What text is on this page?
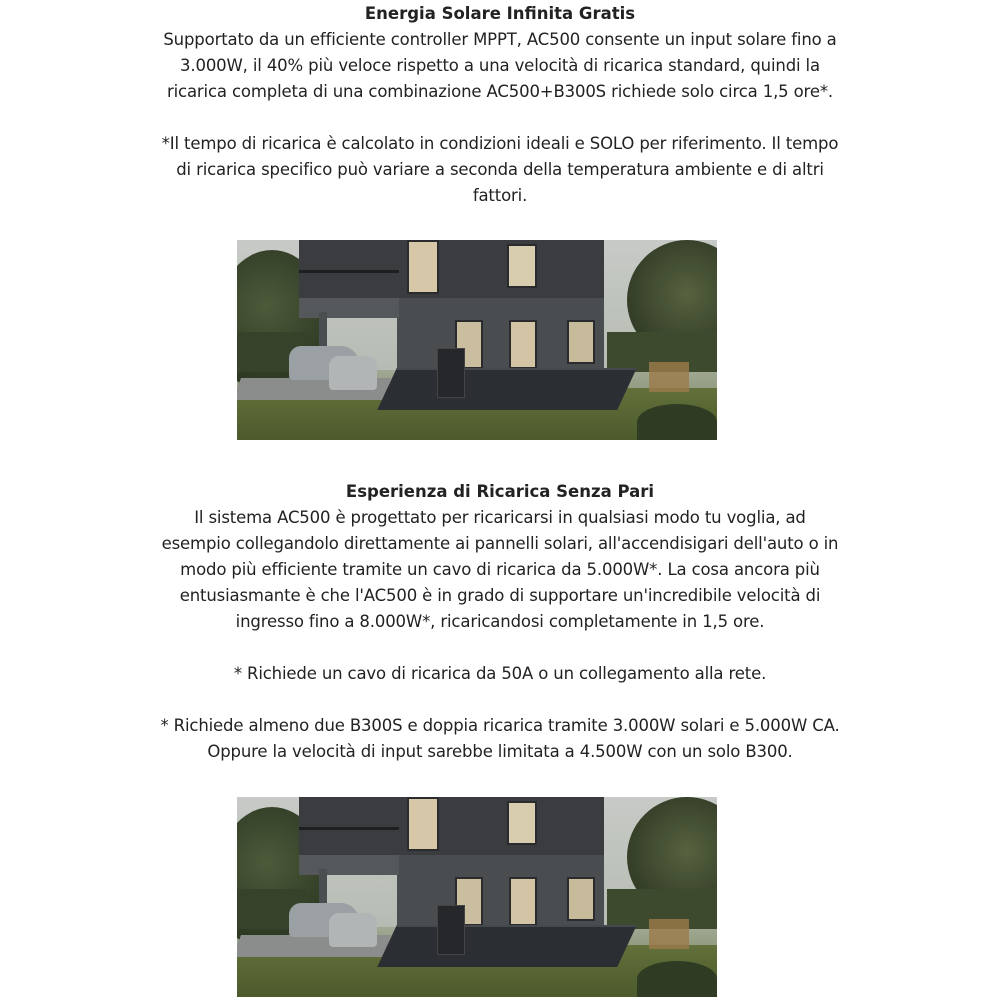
Energia Solare Infinita Gratis
Supportato da un efficiente controller MPPT, AC500 consente un input solare fino a
3.000W, il 40% più veloce rispetto a una velocità di ricarica standard, quindi la
ricarica completa di una combinazione AC500+B300S richiede solo circa 1,5 ore*.
*Il tempo di ricarica è calcolato in condizioni ideali e SOLO per riferimento. Il tempo
di ricarica specifico può variare a seconda della temperatura ambiente e di altri
fattori.
Esperienza di Ricarica Senza Pari
Il sistema AC500 è progettato per ricaricarsi in qualsiasi modo tu voglia, ad
esempio collegandolo direttamente ai pannelli solari, all'accendisigari dell'auto o in
modo più efficiente tramite un cavo di ricarica da 5.000W*. La cosa ancora più
entusiasmante è che l'AC500 è in grado di supportare un'incredibile velocità di
ingresso fino a 8.000W*, ricaricandosi completamente in 1,5 ore.
* Richiede un cavo di ricarica da 50A o un collegamento alla rete.
* Richiede almeno due B300S e doppia ricarica tramite 3.000W solari e 5.000W CA.
Oppure la velocità di input sarebbe limitata a 4.500W con un solo B300.
